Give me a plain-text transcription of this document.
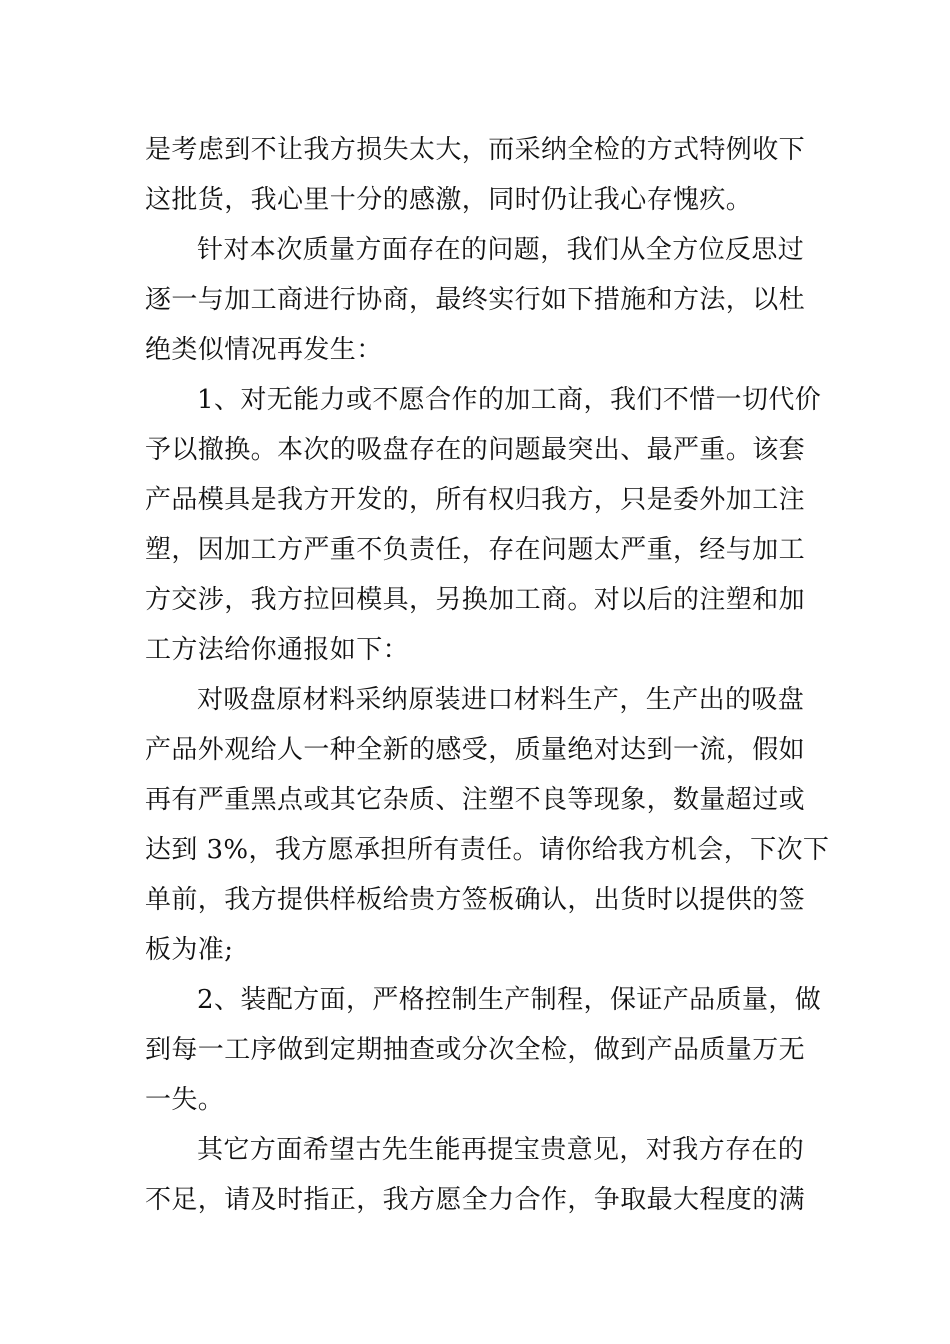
是考虑到不让我方损失太大，而采纳全检的方式特例收下
这批货，我心里十分的感激，同时仍让我心存愧疚。
针对本次质量方面存在的问题，我们从全方位反思过
逐一与加工商进行协商，最终实行如下措施和方法，以杜
绝类似情况再发生：
1、对无能力或不愿合作的加工商，我们不惜一切代价
予以撤换。本次的吸盘存在的问题最突出、最严重。该套
产品模具是我方开发的，所有权归我方，只是委外加工注
塑，因加工方严重不负责任，存在问题太严重，经与加工
方交涉，我方拉回模具，另换加工商。对以后的注塑和加
工方法给你通报如下：
对吸盘原材料采纳原装进口材料生产，生产出的吸盘
产品外观给人一种全新的感受，质量绝对达到一流，假如
再有严重黑点或其它杂质、注塑不良等现象，数量超过或
达到 3%，我方愿承担所有责任。请你给我方机会，下次下
单前，我方提供样板给贵方签板确认，出货时以提供的签
板为准;
2、装配方面，严格控制生产制程，保证产品质量，做
到每一工序做到定期抽查或分次全检，做到产品质量万无
一失。
其它方面希望古先生能再提宝贵意见，对我方存在的
不足，请及时指正，我方愿全力合作，争取最大程度的满
